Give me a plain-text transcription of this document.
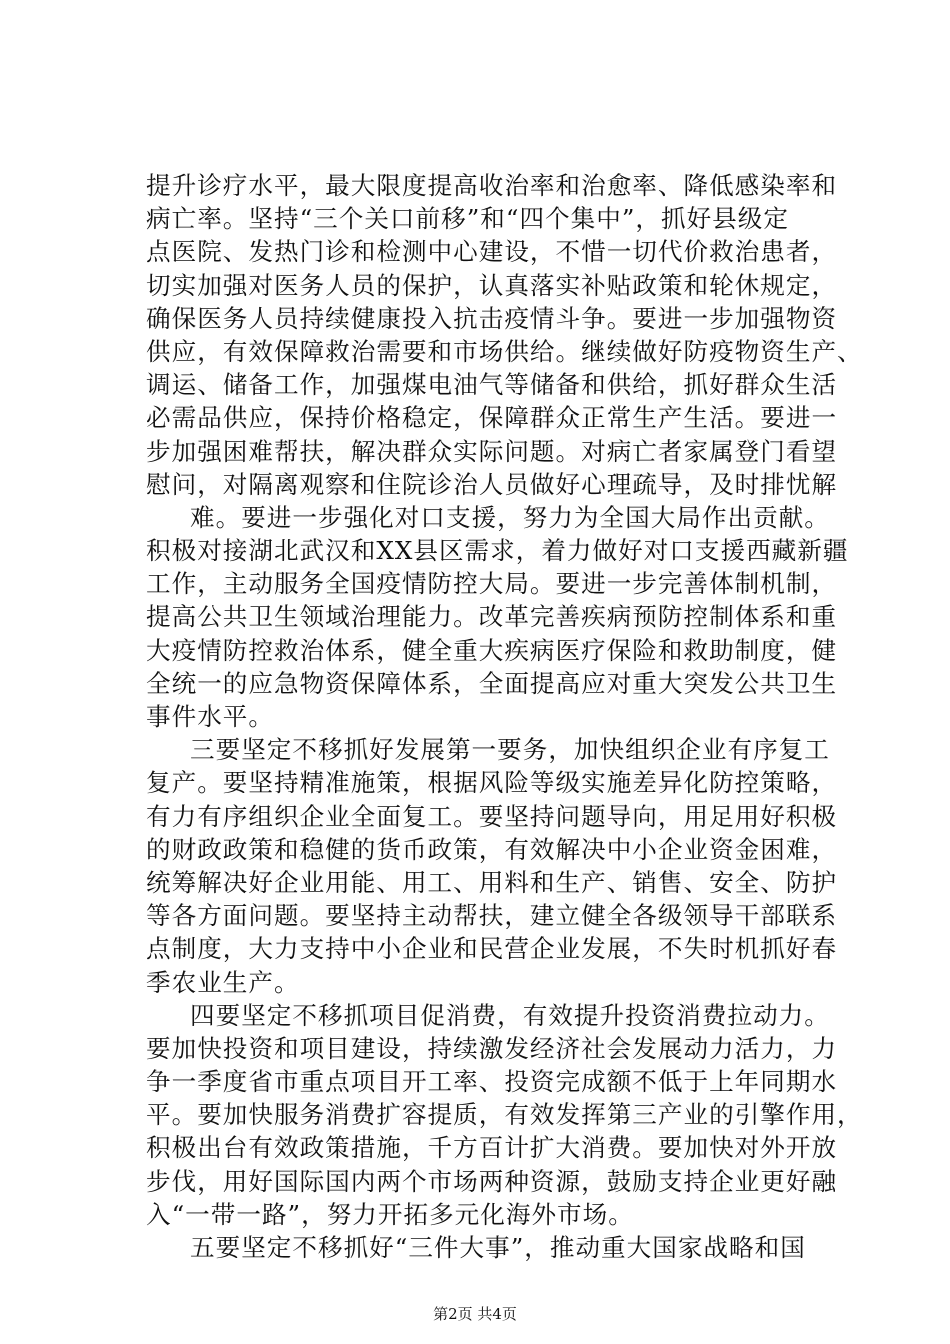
提升诊疗水平，最大限度提高收治率和治愈率、降低感染率和
病亡率。坚持“三个关口前移”和“四个集中”，抓好县级定
点医院、发热门诊和检测中心建设，不惜一切代价救治患者，
切实加强对医务人员的保护，认真落实补贴政策和轮休规定，
确保医务人员持续健康投入抗击疫情斗争。要进一步加强物资
供应，有效保障救治需要和市场供给。继续做好防疫物资生产、
调运、储备工作，加强煤电油气等储备和供给，抓好群众生活
必需品供应，保持价格稳定，保障群众正常生产生活。要进一
步加强困难帮扶，解决群众实际问题。对病亡者家属登门看望
慰问，对隔离观察和住院诊治人员做好心理疏导，及时排忧解
难。要进一步强化对口支援，努力为全国大局作出贡献。
积极对接湖北武汉和XX县区需求，着力做好对口支援西藏新疆
工作，主动服务全国疫情防控大局。要进一步完善体制机制，
提高公共卫生领域治理能力。改革完善疾病预防控制体系和重
大疫情防控救治体系，健全重大疾病医疗保险和救助制度，健
全统一的应急物资保障体系，全面提高应对重大突发公共卫生
事件水平。
三要坚定不移抓好发展第一要务，加快组织企业有序复工
复产。要坚持精准施策，根据风险等级实施差异化防控策略，
有力有序组织企业全面复工。要坚持问题导向，用足用好积极
的财政政策和稳健的货币政策，有效解决中小企业资金困难，
统筹解决好企业用能、用工、用料和生产、销售、安全、防护
等各方面问题。要坚持主动帮扶，建立健全各级领导干部联系
点制度，大力支持中小企业和民营企业发展，不失时机抓好春
季农业生产。
四要坚定不移抓项目促消费，有效提升投资消费拉动力。
要加快投资和项目建设，持续激发经济社会发展动力活力，力
争一季度省市重点项目开工率、投资完成额不低于上年同期水
平。要加快服务消费扩容提质，有效发挥第三产业的引擎作用，
积极出台有效政策措施，千方百计扩大消费。要加快对外开放
步伐，用好国际国内两个市场两种资源，鼓励支持企业更好融
入“一带一路”，努力开拓多元化海外市场。
五要坚定不移抓好“三件大事”，推动重大国家战略和国
第2页 共4页
